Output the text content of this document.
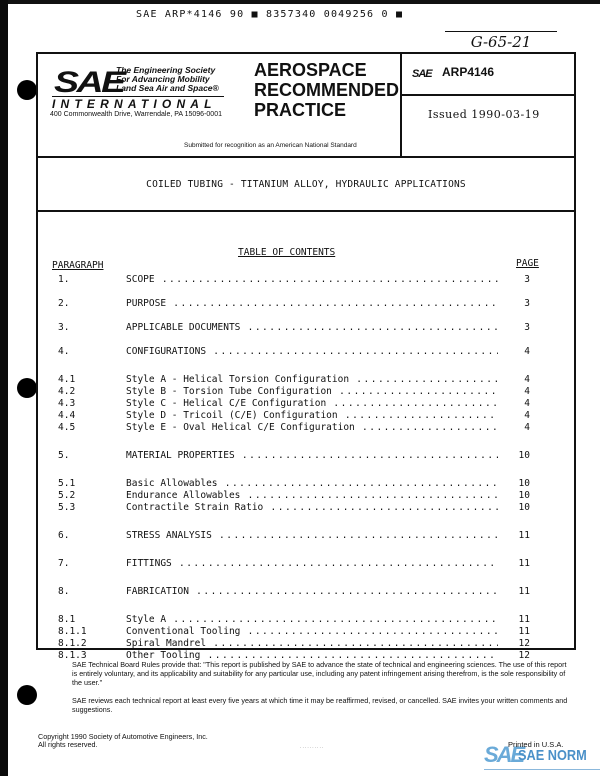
SAE ARP*4146 90 ■ 8357340 0049256 0 ■
G-65-21
SAE
The Engineering Society
For Advancing Mobility
Land Sea Air and Space®
INTERNATIONAL
400 Commonwealth Drive, Warrendale, PA 15096-0001
AEROSPACE
RECOMMENDED
PRACTICE
Submitted for recognition as an American National Standard
SAE ARP4146
Issued 1990-03-19
COILED TUBING - TITANIUM ALLOY, HYDRAULIC APPLICATIONS
TABLE OF CONTENTS
PARAGRAPH	PAGE
1.	SCOPE .....	3
2.	PURPOSE .....	3
3.	APPLICABLE DOCUMENTS .....	3
4.	CONFIGURATIONS .....	4
4.1	Style A - Helical Torsion Configuration .....	4
4.2	Style B - Torsion Tube Configuration .....	4
4.3	Style C - Helical C/E Configuration .....	4
4.4	Style D - Tricoil (C/E) Configuration .....	4
4.5	Style E - Oval Helical C/E Configuration .....	4
5.	MATERIAL PROPERTIES .....	10
5.1	Basic Allowables .....	10
5.2	Endurance Allowables .....	10
5.3	Contractile Strain Ratio .....	10
6.	STRESS ANALYSIS .....	11
7.	FITTINGS .....	11
8.	FABRICATION .....	11
8.1	Style A .....	11
8.1.1	Conventional Tooling .....	11
8.1.2	Spiral Mandrel .....	12
8.1.3	Other Tooling .....	12
SAE Technical Board Rules provide that: "This report is published by SAE to advance the state of technical and engineering sciences. The use of this report is entirely voluntary, and its applicability and suitability for any particular use, including any patent infringement arising therefrom, is the sole responsibility of the user."
SAE reviews each technical report at least every five years at which time it may be reaffirmed, revised, or cancelled. SAE invites your written comments and suggestions.
Copyright 1990 Society of Automotive Engineers, Inc.
All rights reserved.	· · · · · · · · · ·	SAE
SAE NORM
Printed in U.S.A.
